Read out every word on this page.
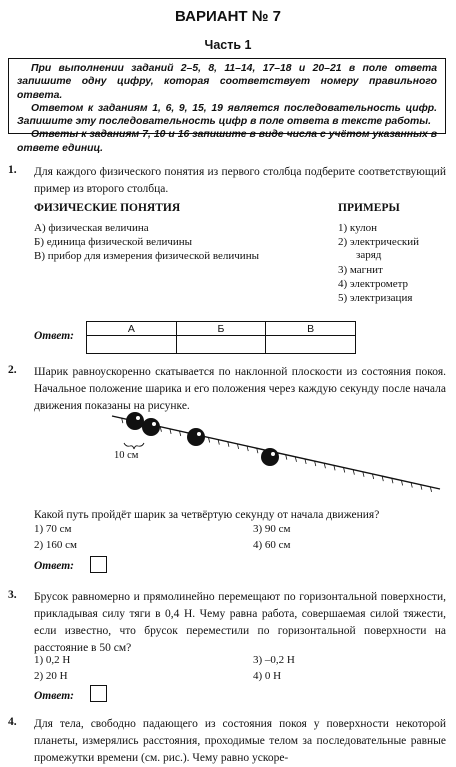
ВАРИАНТ № 7
Часть 1

При выполнении заданий 2–5, 8, 11–14, 17–18 и 20–21 в поле ответа запишите одну цифру, которая соответствует номеру правильного ответа.

Ответом к заданиям 1, 6, 9, 15, 19 является последовательность цифр. Запишите эту последовательность цифр в поле ответа в тексте работы.

Ответы к заданиям 7, 10 и 16 запишите в виде числа с учётом указанных в ответе единиц.

1. Для каждого физического понятия из первого столбца подберите соответствующий пример из второго столбца.
ФИЗИЧЕСКИЕ ПОНЯТИЯ	ПРИМЕРЫ
А) физическая величина
Б) единица физической величины
В) прибор для измерения физической величины
1) кулон
2) электрический
заряд
3) магнит
4) электрометр
5) электризация
Ответ:
А	Б	В

2. Шарик равноускоренно скатывается по наклонной плоскости из состояния покоя. Начальное положение шарика и его положения через каждую секунду после начала движения показаны на рисунке.
10 см
Какой путь пройдёт шарик за четвёртую секунду от начала движения?
1) 70 см
2) 160 см
3) 90 см
4) 60 см
Ответ:
3. Брусок равномерно и прямолинейно перемещают по горизонтальной поверхности, прикладывая силу тяги в 0,4 Н. Чему равна работа, совершаемая силой тяжести, если известно, что брусок переместили по горизонтальной поверхности на расстояние в 50 см?
1) 0,2 Н
2) 20 Н
3) –0,2 Н
4) 0 Н
Ответ:
4. Для тела, свободно падающего из состояния покоя у поверхности некоторой планеты, измерялись расстояния, проходимые телом за последовательные равные промежутки времени (см. рис.). Чему равно ускоре-
